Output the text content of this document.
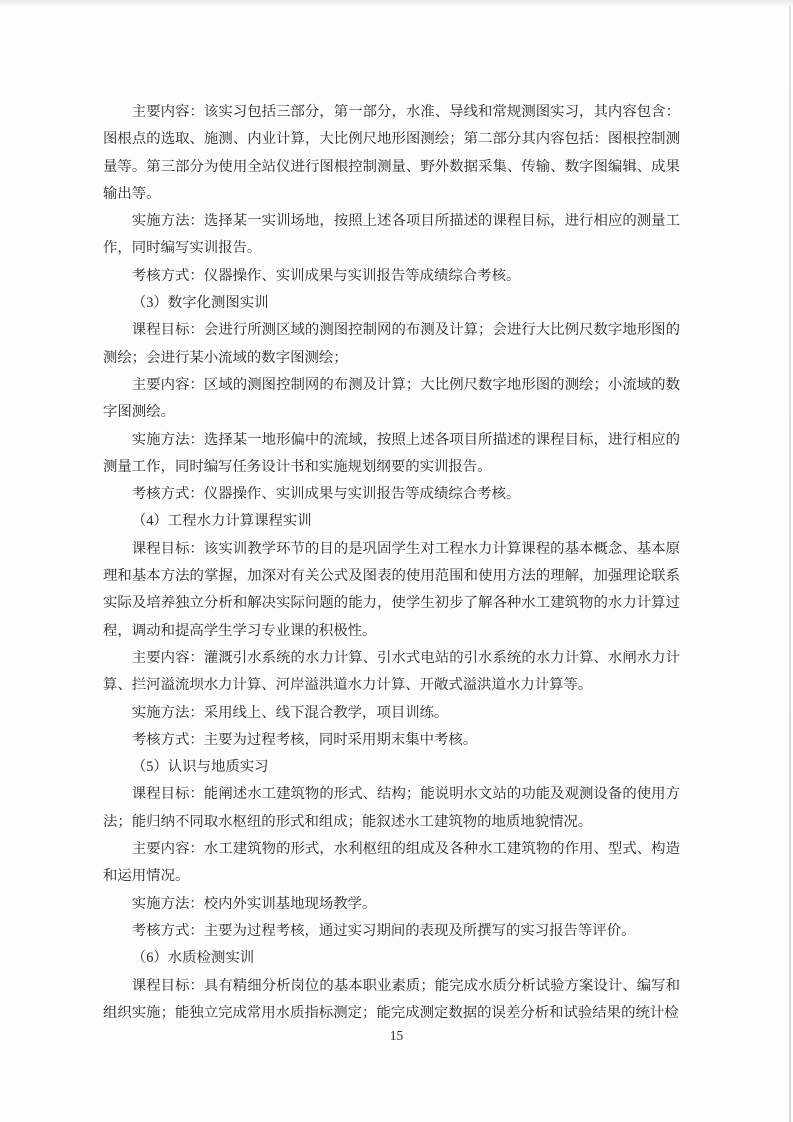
主要内容：该实习包括三部分，第一部分，水准、导线和常规测图实习，其内容包含：图根点的选取、施测、内业计算，大比例尺地形图测绘；第二部分其内容包括：图根控制测量等。第三部分为使用全站仪进行图根控制测量、野外数据采集、传输、数字图编辑、成果输出等。

实施方法：选择某一实训场地，按照上述各项目所描述的课程目标，进行相应的测量工作，同时编写实训报告。

考核方式：仪器操作、实训成果与实训报告等成绩综合考核。

（3）数字化测图实训

课程目标：会进行所测区域的测图控制网的布测及计算；会进行大比例尺数字地形图的测绘；会进行某小流域的数字图测绘；

主要内容：区域的测图控制网的布测及计算；大比例尺数字地形图的测绘；小流域的数字图测绘。

实施方法：选择某一地形偏中的流域，按照上述各项目所描述的课程目标，进行相应的测量工作，同时编写任务设计书和实施规划纲要的实训报告。

考核方式：仪器操作、实训成果与实训报告等成绩综合考核。

（4）工程水力计算课程实训

课程目标：该实训教学环节的目的是巩固学生对工程水力计算课程的基本概念、基本原理和基本方法的掌握，加深对有关公式及图表的使用范围和使用方法的理解，加强理论联系实际及培养独立分析和解决实际问题的能力，使学生初步了解各种水工建筑物的水力计算过程，调动和提高学生学习专业课的积极性。

主要内容：灌溉引水系统的水力计算、引水式电站的引水系统的水力计算、水闸水力计算、拦河溢流坝水力计算、河岸溢洪道水力计算、开敞式溢洪道水力计算等。

实施方法：采用线上、线下混合教学，项目训练。

考核方式：主要为过程考核，同时采用期末集中考核。

（5）认识与地质实习

课程目标：能阐述水工建筑物的形式、结构；能说明水文站的功能及观测设备的使用方法；能归纳不同取水枢纽的形式和组成；能叙述水工建筑物的地质地貌情况。

主要内容：水工建筑物的形式，水利枢纽的组成及各种水工建筑物的作用、型式、构造和运用情况。

实施方法：校内外实训基地现场教学。

考核方式：主要为过程考核，通过实习期间的表现及所撰写的实习报告等评价。

（6）水质检测实训

课程目标：具有精细分析岗位的基本职业素质；能完成水质分析试验方案设计、编写和组织实施；能独立完成常用水质指标测定；能完成测定数据的误差分析和试验结果的统计检

15
